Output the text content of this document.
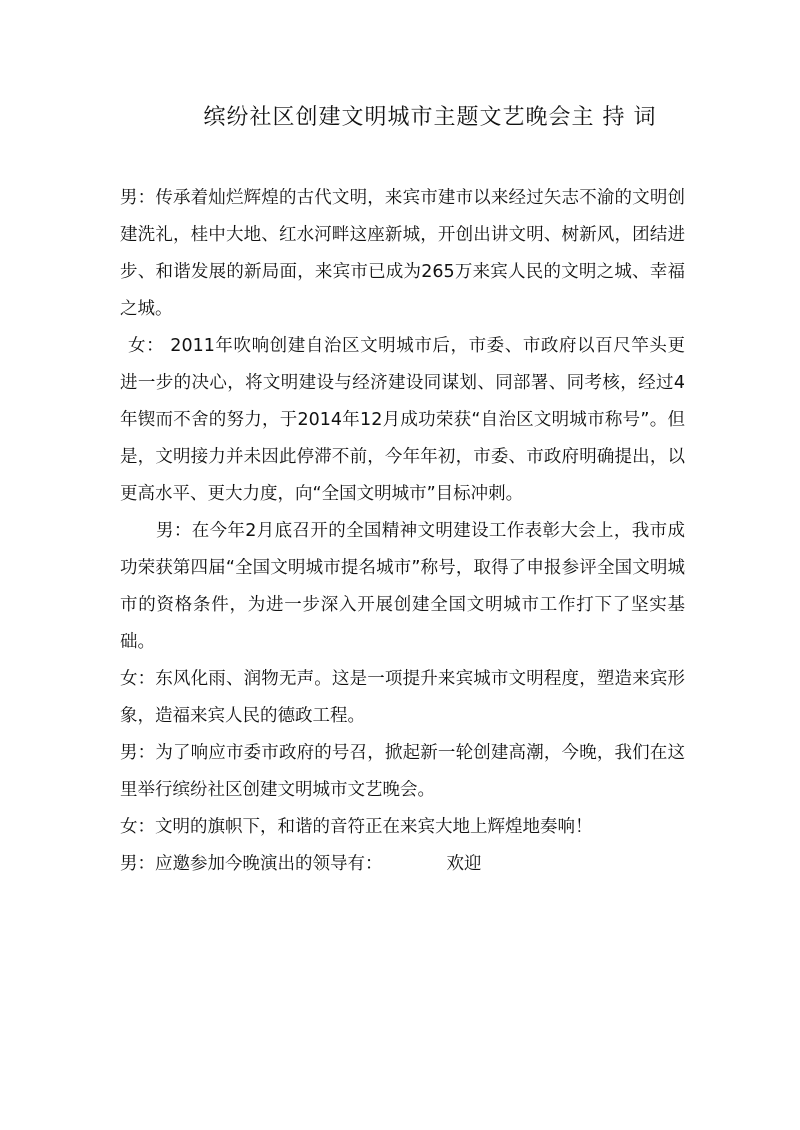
缤纷社区创建文明城市主题文艺晚会主 持 词

男：传承着灿烂辉煌的古代文明，来宾市建市以来经过矢志不渝的文明创建洗礼，桂中大地、红水河畔这座新城，开创出讲文明、树新风，团结进步、和谐发展的新局面，来宾市已成为265万来宾人民的文明之城、幸福之城。

女： 2011年吹响创建自治区文明城市后，市委、市政府以百尺竿头更进一步的决心，将文明建设与经济建设同谋划、同部署、同考核，经过4年锲而不舍的努力，于2014年12月成功荣获“自治区文明城市称号”。但是，文明接力并未因此停滞不前，今年年初，市委、市政府明确提出，以更高水平、更大力度，向“全国文明城市”目标冲刺。

男：在今年2月底召开的全国精神文明建设工作表彰大会上，我市成功荣获第四届“全国文明城市提名城市”称号，取得了申报参评全国文明城市的资格条件，为进一步深入开展创建全国文明城市工作打下了坚实基础。

女：东风化雨、润物无声。这是一项提升来宾城市文明程度，塑造来宾形象，造福来宾人民的德政工程。

男：为了响应市委市政府的号召，掀起新一轮创建高潮，今晚，我们在这里举行缤纷社区创建文明城市文艺晚会。

女：文明的旗帜下，和谐的音符正在来宾大地上辉煌地奏响！

男：应邀参加今晚演出的领导有：	欢迎
